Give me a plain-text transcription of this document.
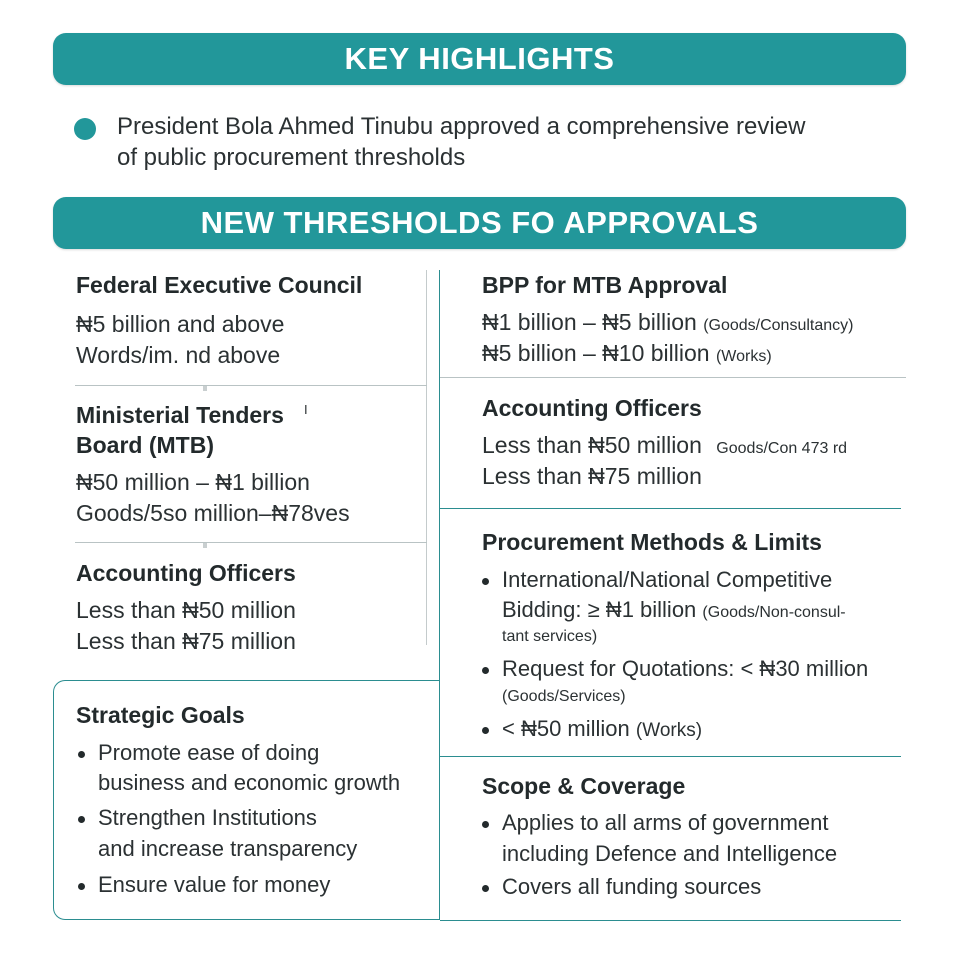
KEY HIGHLIGHTS
President Bola Ahmed Tinubu approved a comprehensive review
of public procurement thresholds
NEW THRESHOLDS FO APPROVALS
Federal Executive Council
₦5 billion and above
Words/im. nd above
Ministerial Tenders I
Board (MTB)
₦50 million – ₦1 billion
Goods/5so million–₦78ves
Accounting Officers
Less than ₦50 million
Less than ₦75 million
Strategic Goals
Promote ease of doing
business and economic growth
Strengthen Institutions
and increase transparency
Ensure value for money
BPP for MTB Approval
₦1 billion – ₦5 billion (Goods/Consultancy)
₦5 billion – ₦10 billion (Works)
Accounting Officers
Less than ₦50 million Goods/Con 473 rd
Less than ₦75 million
Procurement Methods & Limits
International/National Competitive
Bidding: ≥ ₦1 billion (Goods/Non-consul-
tant services)
Request for Quotations: < ₦30 million
(Goods/Services)
< ₦50 million (Works)
Scope & Coverage
Applies to all arms of government
including Defence and Intelligence
Covers all funding sources
